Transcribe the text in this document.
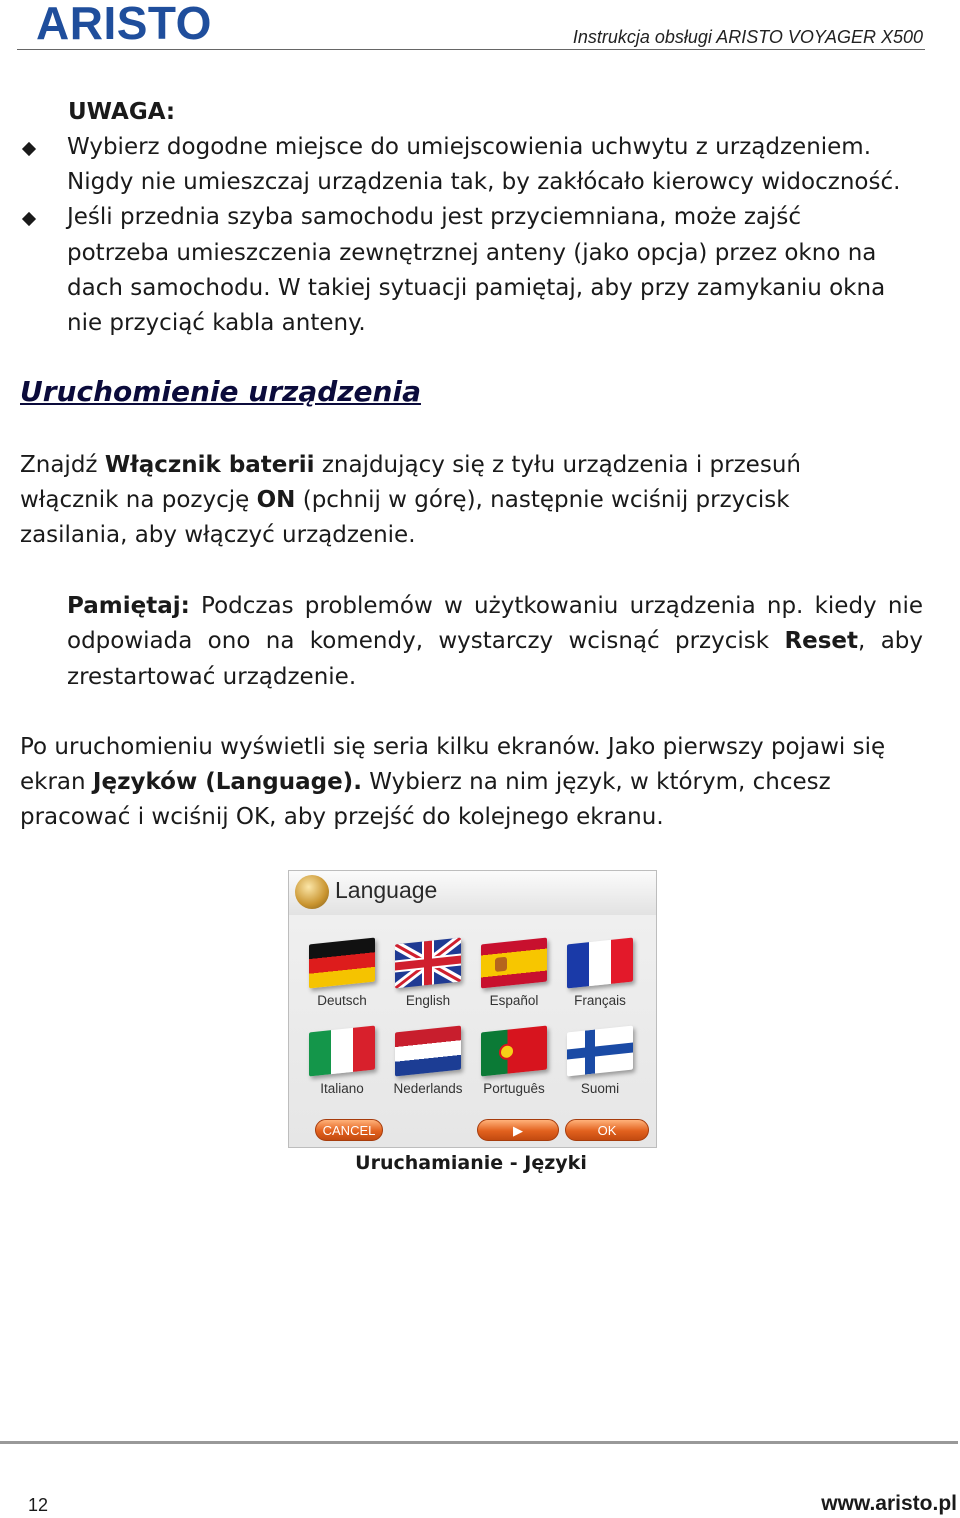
ARISTO	Instrukcja obsługi ARISTO VOYAGER X500
UWAGA:
Wybierz dogodne miejsce do umiejscowienia uchwytu z urządzeniem.
Nigdy nie umieszczaj urządzenia tak, by zakłócało kierowcy widoczność.
Jeśli przednia szyba samochodu jest przyciemniana, może zajść
potrzeba umieszczenia zewnętrznej anteny (jako opcja) przez okno na
dach samochodu. W takiej sytuacji pamiętaj, aby przy zamykaniu okna
nie przyciąć kabla anteny.
Uruchomienie urządzenia
Znajdź Włącznik baterii znajdujący się z tyłu urządzenia i przesuń
włącznik na pozycję ON (pchnij w górę), następnie wciśnij przycisk
zasilania, aby włączyć urządzenie.
Pamiętaj: Podczas problemów w użytkowaniu urządzenia np. kiedy nie odpowiada ono na komendy, wystarczy wcisnąć przycisk Reset, aby zrestartować urządzenie.
Po uruchomieniu wyświetli się seria kilku ekranów. Jako pierwszy pojawi się
ekran Języków (Language). Wybierz na nim język, w którym, chcesz
pracować i wciśnij OK, aby przejść do kolejnego ekranu.
Language
Deutsch	English	Español	Français
Italiano	Nederlands	Português	Suomi
CANCEL	▶	OK
Uruchamianie - Języki
12	www.aristo.pl
